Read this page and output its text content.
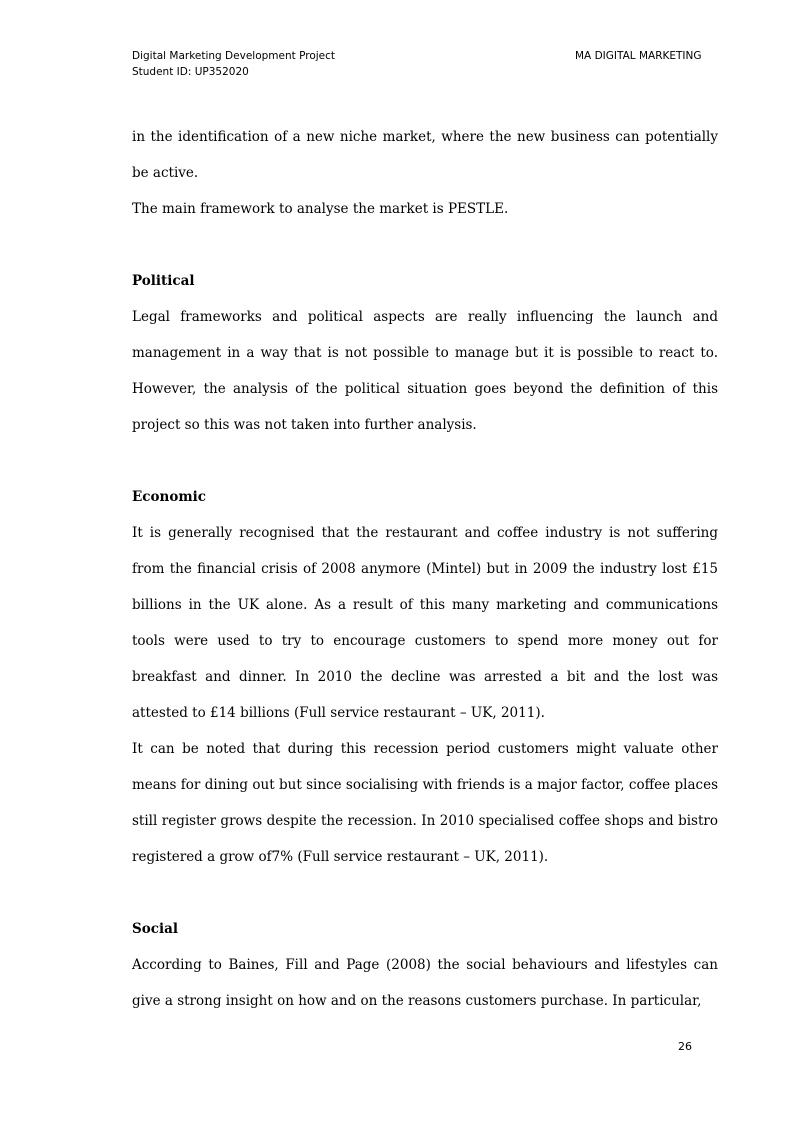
Digital Marketing Development Project
Student ID: UP352020
MA DIGITAL MARKETING

in the identification of a new niche market, where the new business can potentially be active.

The main framework to analyse the market is PESTLE.

Political

Legal frameworks and political aspects are really influencing the launch and management in a way that is not possible to manage but it is possible to react to. However, the analysis of the political situation goes beyond the definition of this project so this was not taken into further analysis.

Economic

It is generally recognised that the restaurant and coffee industry is not suffering from the financial crisis of 2008 anymore (Mintel) but in 2009 the industry lost £15 billions in the UK alone. As a result of this many marketing and communications tools were used to try to encourage customers to spend more money out for breakfast and dinner. In 2010 the decline was arrested a bit and the lost was attested to £14 billions (Full service restaurant – UK, 2011).

It can be noted that during this recession period customers might valuate other means for dining out but since socialising with friends is a major factor, coffee places still register grows despite the recession. In 2010 specialised coffee shops and bistro registered a grow of7% (Full service restaurant – UK, 2011).

Social

According to Baines, Fill and Page (2008) the social behaviours and lifestyles can give a strong insight on how and on the reasons customers purchase. In particular,

26
